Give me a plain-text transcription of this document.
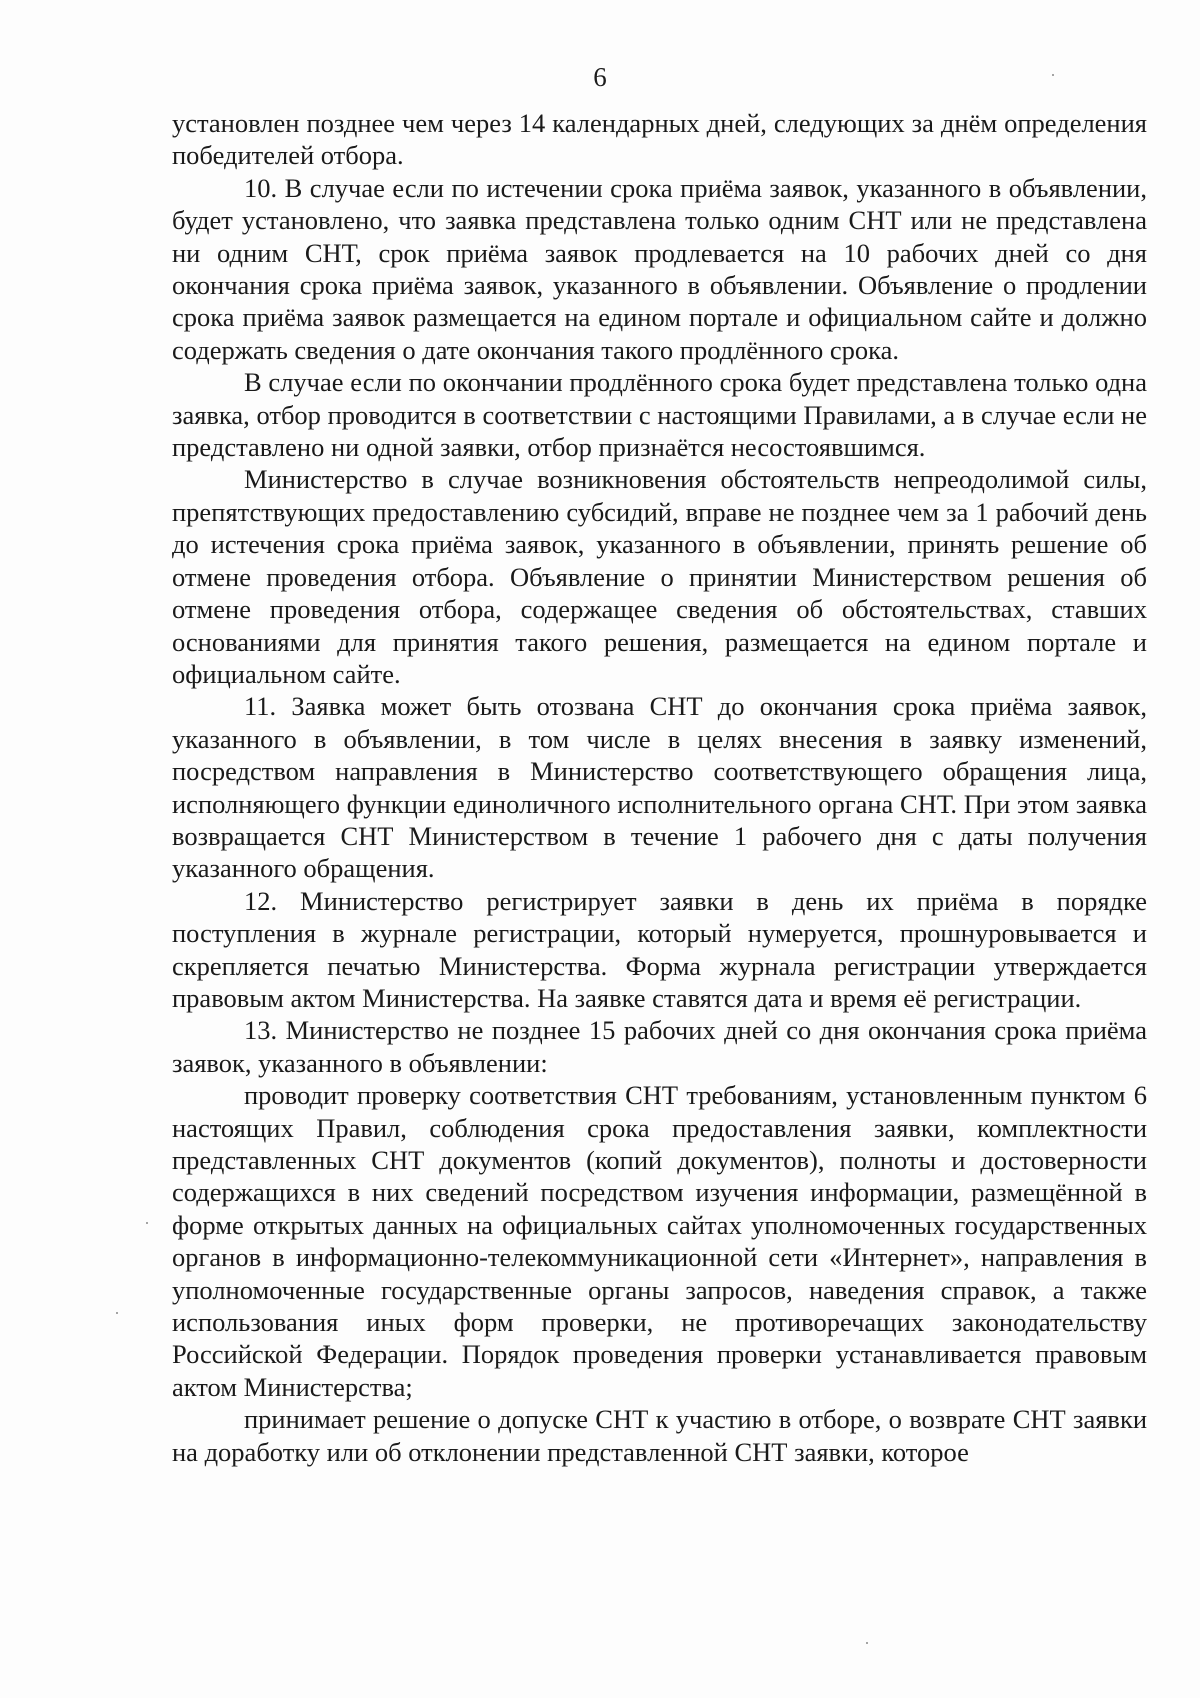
6

установлен позднее чем через 14 календарных дней, следующих за днём определения победителей отбора.

10. В случае если по истечении срока приёма заявок, указанного в объявлении, будет установлено, что заявка представлена только одним СНТ или не представлена ни одним СНТ, срок приёма заявок продлевается на 10 рабочих дней со дня окончания срока приёма заявок, указанного в объявлении. Объявление о продлении срока приёма заявок размещается на едином портале и официальном сайте и должно содержать сведения о дате окончания такого продлённого срока.

В случае если по окончании продлённого срока будет представлена только одна заявка, отбор проводится в соответствии с настоящими Правилами, а в случае если не представлено ни одной заявки, отбор признаётся несостоявшимся.

Министерство в случае возникновения обстоятельств непреодолимой силы, препятствующих предоставлению субсидий, вправе не позднее чем за 1 рабочий день до истечения срока приёма заявок, указанного в объявлении, принять решение об отмене проведения отбора. Объявление о принятии Министерством решения об отмене проведения отбора, содержащее сведения об обстоятельствах, ставших основаниями для принятия такого решения, размещается на едином портале и официальном сайте.

11. Заявка может быть отозвана СНТ до окончания срока приёма заявок, указанного в объявлении, в том числе в целях внесения в заявку изменений, посредством направления в Министерство соответствующего обращения лица, исполняющего функции единоличного исполнительного органа СНТ. При этом заявка возвращается СНТ Министерством в течение 1 рабочего дня с даты получения указанного обращения.

12. Министерство регистрирует заявки в день их приёма в порядке поступления в журнале регистрации, который нумеруется, прошнуровывается и скрепляется печатью Министерства. Форма журнала регистрации утверждается правовым актом Министерства. На заявке ставятся дата и время её регистрации.

13. Министерство не позднее 15 рабочих дней со дня окончания срока приёма заявок, указанного в объявлении:

проводит проверку соответствия СНТ требованиям, установленным пунктом 6 настоящих Правил, соблюдения срока предоставления заявки, комплектности представленных СНТ документов (копий документов), полноты и достоверности содержащихся в них сведений посредством изучения информации, размещённой в форме открытых данных на официальных сайтах уполномоченных государственных органов в информационно-телекоммуникационной сети «Интернет», направления в уполномоченные государственные органы запросов, наведения справок, а также использования иных форм проверки, не противоречащих законодательству Российской Федерации. Порядок проведения проверки устанавливается правовым актом Министерства;

принимает решение о допуске СНТ к участию в отборе, о возврате СНТ заявки на доработку или об отклонении представленной СНТ заявки, которое
